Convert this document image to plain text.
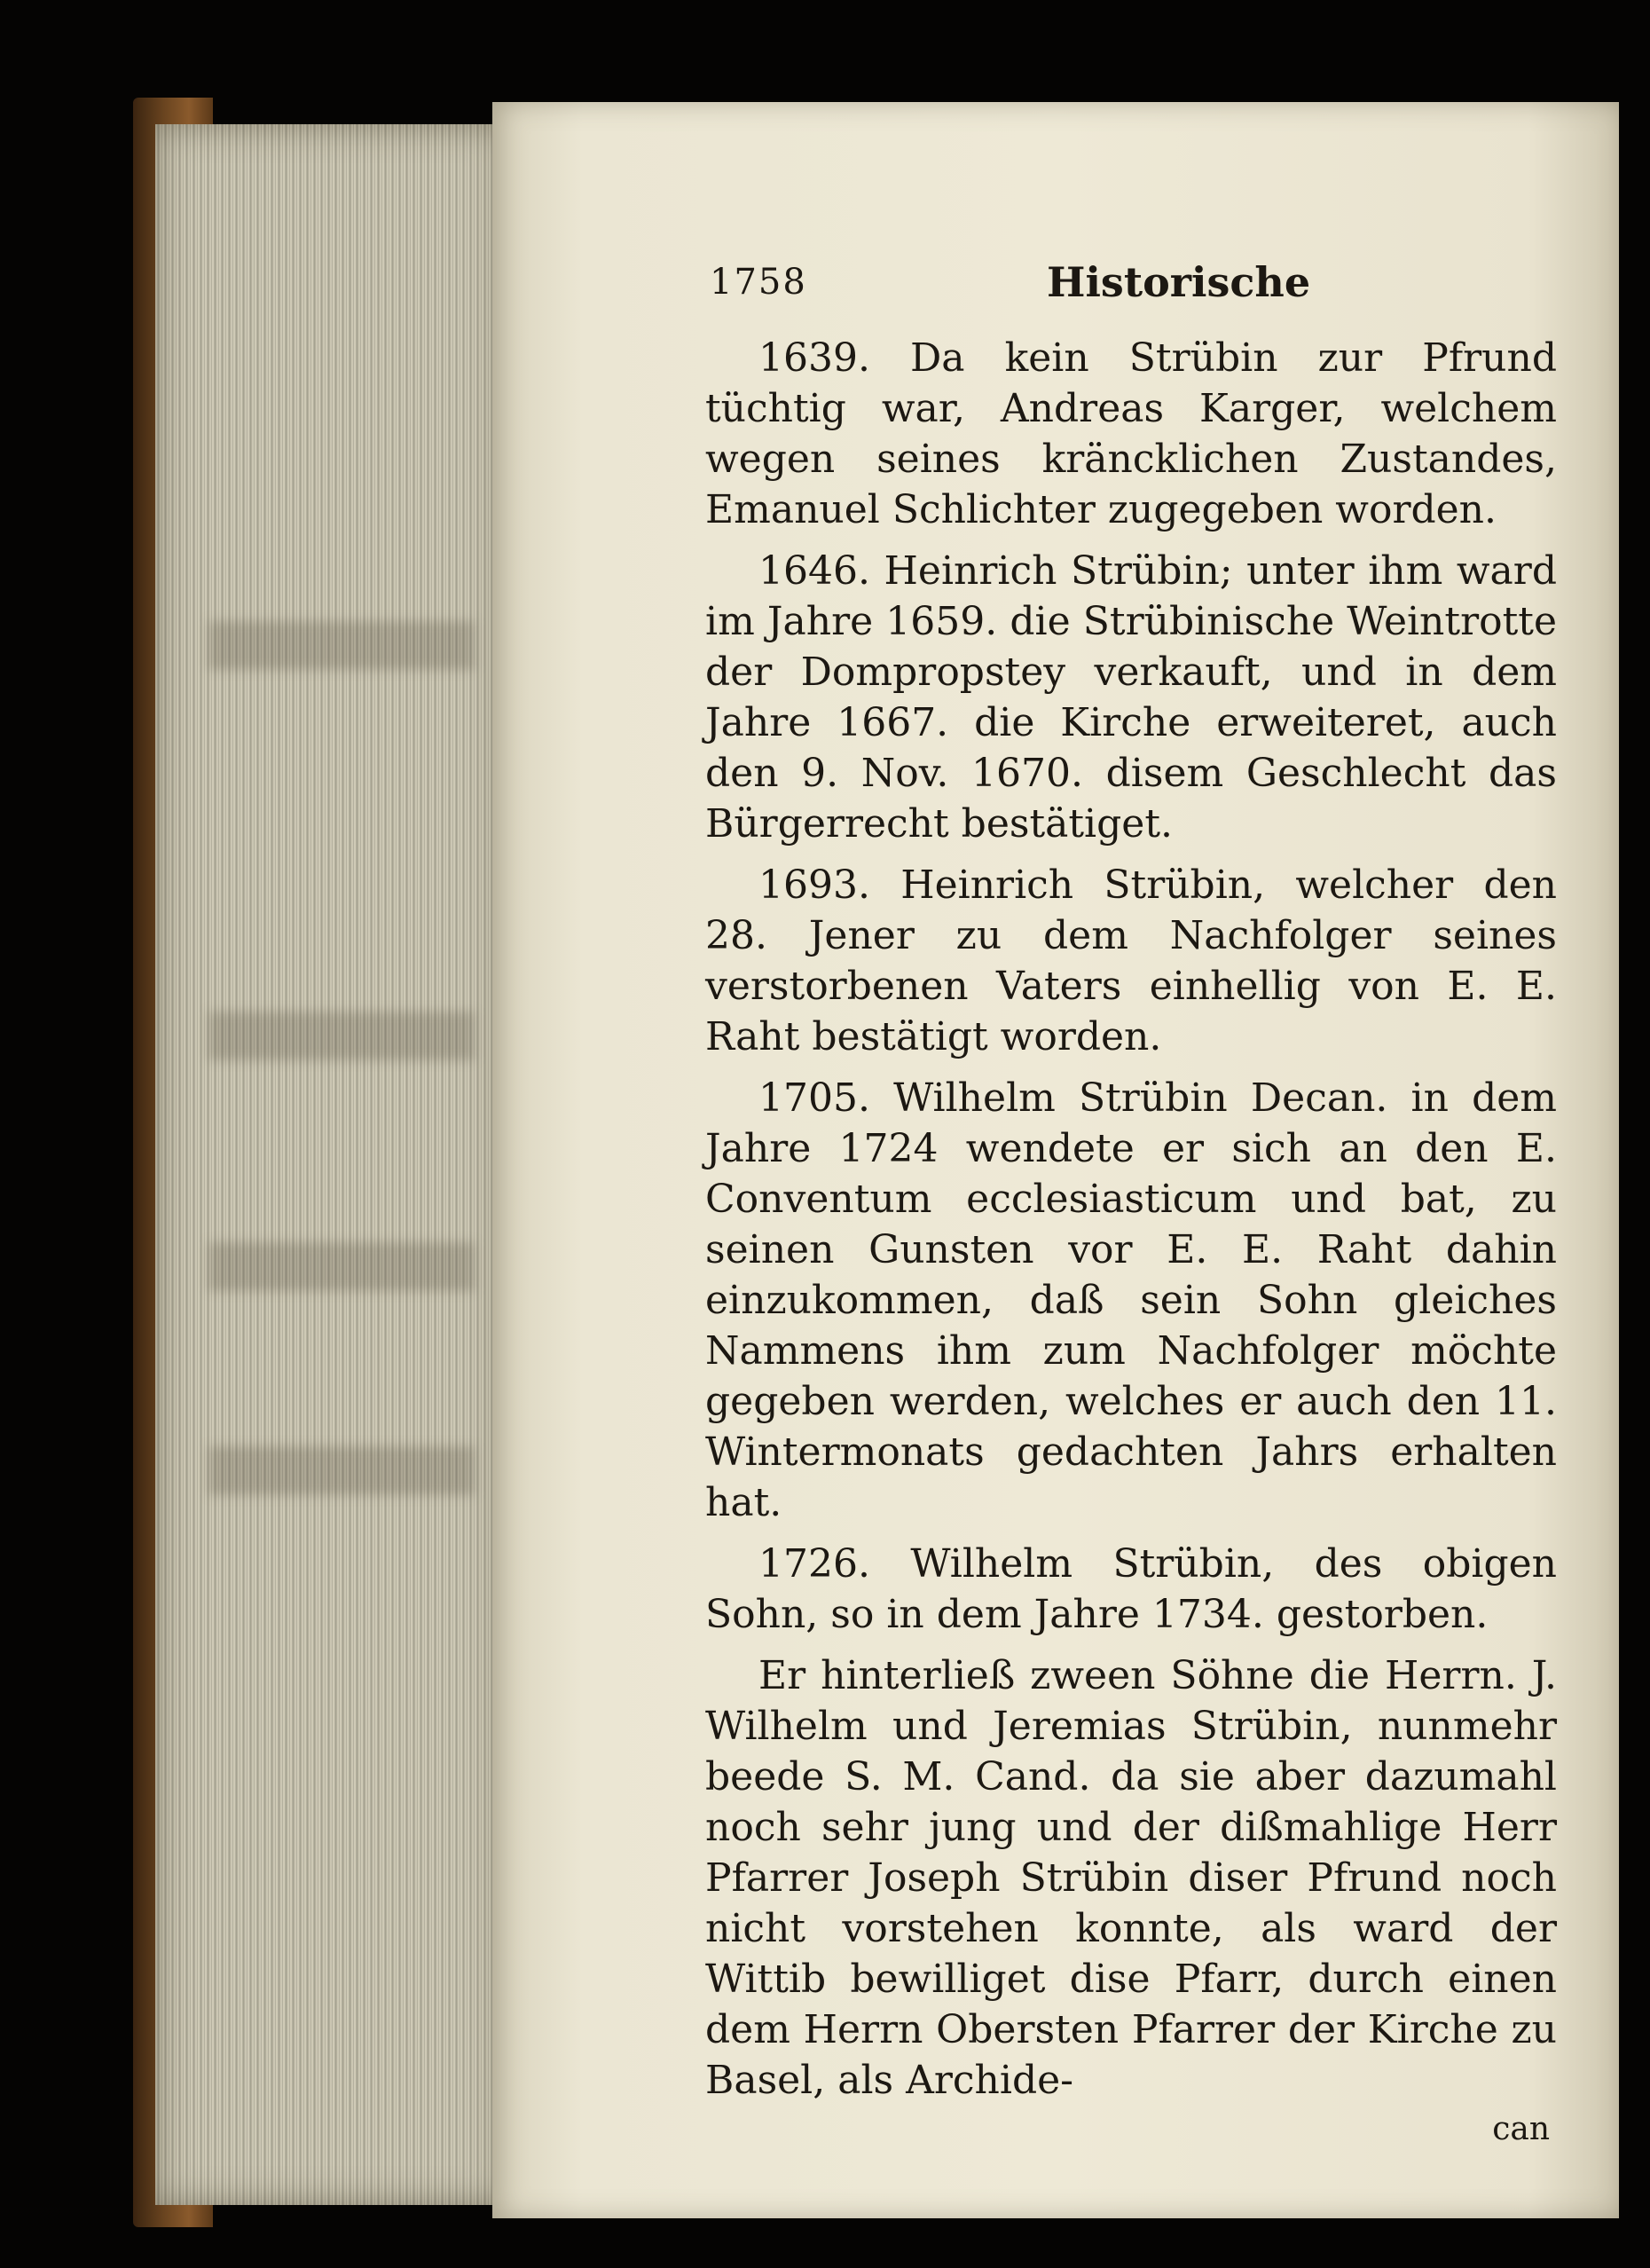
1758	Historische

1639. Da kein Strübin zur Pfrund tüchtig war, Andreas Karger, welchem wegen seines kräncklichen Zustandes, Emanuel Schlichter zugegeben worden.

1646. Heinrich Strübin; unter ihm ward im Jahre 1659. die Strübinische Weintrotte der Dompropstey verkauft, und in dem Jahre 1667. die Kirche erweiteret, auch den 9. Nov. 1670. disem Geschlecht das Bürgerrecht bestätiget.

1693. Heinrich Strübin, welcher den 28. Jener zu dem Nachfolger seines verstorbenen Vaters einhellig von E. E. Raht bestätigt worden.

1705. Wilhelm Strübin Decan. in dem Jahre 1724 wendete er sich an den E. Conventum ecclesiasticum und bat, zu seinen Gunsten vor E. E. Raht dahin einzukommen, daß sein Sohn gleiches Nammens ihm zum Nachfolger möchte gegeben werden, welches er auch den 11. Wintermonats gedachten Jahrs erhalten hat.

1726. Wilhelm Strübin, des obigen Sohn, so in dem Jahre 1734. gestorben.

Er hinterließ zween Söhne die Herrn. J. Wilhelm und Jeremias Strübin, nunmehr beede S. M. Cand. da sie aber dazumahl noch sehr jung und der dißmahlige Herr Pfarrer Joseph Strübin diser Pfrund noch nicht vorstehen konnte, als ward der Wittib bewilliget dise Pfarr, durch einen dem Herrn Obersten Pfarrer der Kirche zu Basel, als Archide-

can
